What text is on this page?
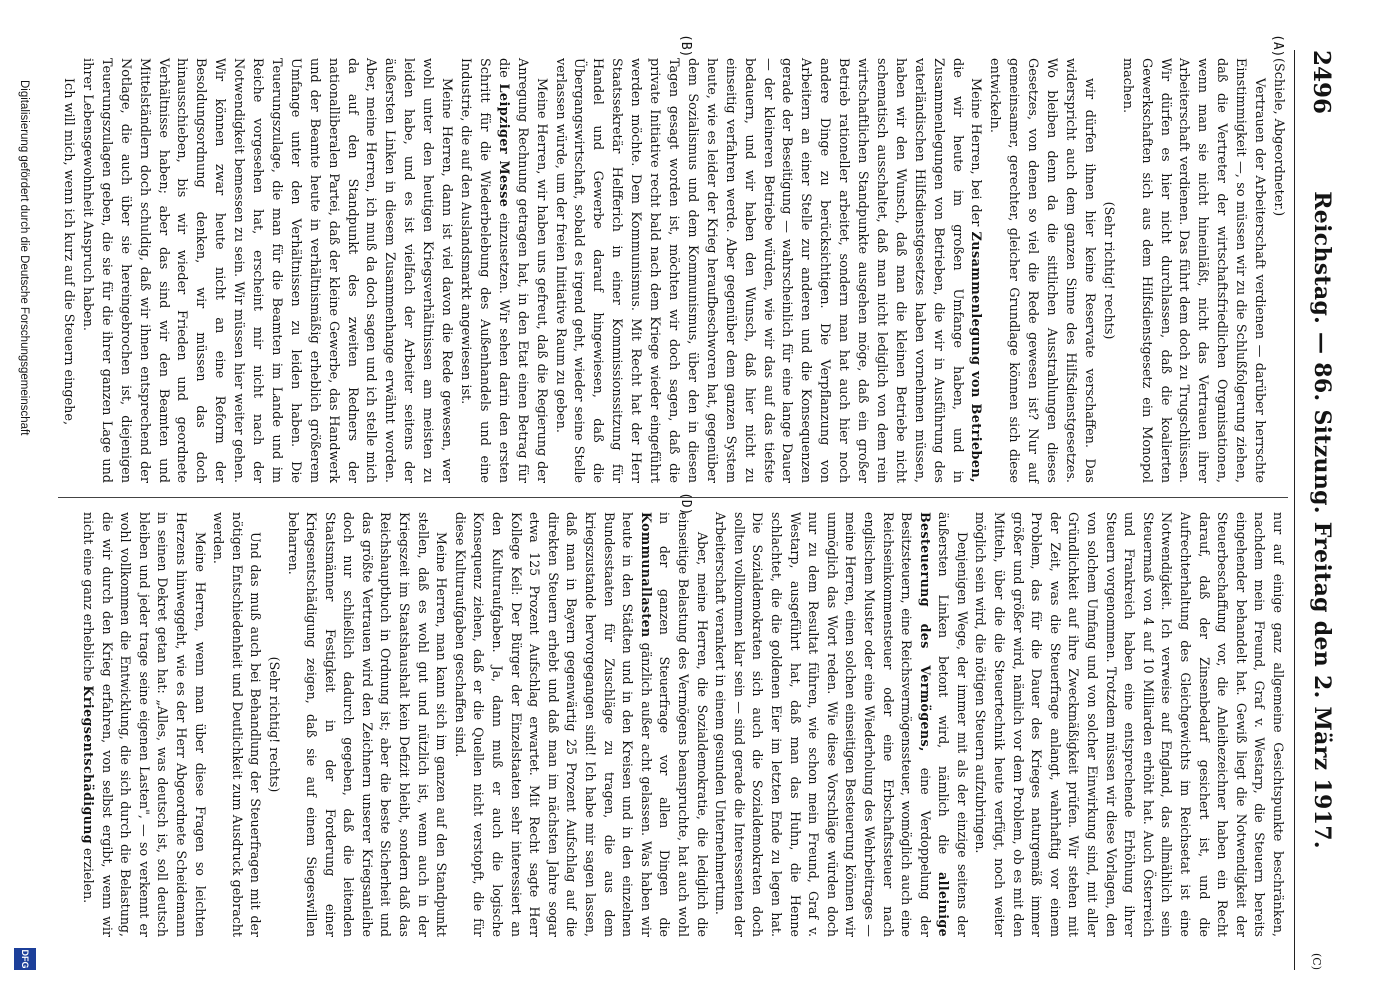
2496
Reichstag. — 86. Sitzung. Freitag den 2. März 1917.
(C)
(A)
(B)
(D)

(Schiele, Abgeordneter.)

Vertrauen der Arbeiterschaft verdienen — darüber herrschte Einstimmigkeit —, so müssen wir zu die Schlußfolgerung ziehen, daß die Vertreter der wirtschaftsfriedlichen Organisationen, wenn man sie nicht hineinläßt, nicht das Vertrauen ihrer Arbeiterschaft verdienen. Das führt dem doch zu Trugschlüssen. Wir dürfen es hier nicht durchlassen, daß die koalierten Gewerkschaften sich aus dem Hilfsdienstgesetz ein Monopol machen.

(Sehr richtig! rechts)

wir dürfen ihnen hier keine Reservate verschaffen. Das widerspricht auch dem ganzen Sinne des Hilfsdienstgesetzes. Wo bleiben denn da die sittlichen Ausstrahlungen dieses Gesetzes, von denen so viel die Rede gewesen ist? Nur auf gemeinsamer, gerechter, gleicher Grundlage können sich diese entwickeln.

Meine Herren, bei der Zusammenlegung von Betrieben, die wir heute im großen Umfange haben, und in Zusammenlegungen von Betrieben, die wir in Ausführung des vaterländischen Hilfsdienstgesetzes haben vornehmen müssen, haben wir den Wunsch, daß man die kleinen Betriebe nicht schematisch ausschaltet, daß man nicht lediglich von dem rein wirtschaftlichen Standpunkte ausgehen möge, daß ein großer Betrieb rationeller arbeitet, sondern man hat auch hier noch andere Dinge zu berücksichtigen. Die Verpflanzung von Arbeitern an einer Stelle zur anderen und die Konsequenzen gerade der Beseitigung — wahrscheinlich für eine lange Dauer — der kleineren Betriebe würden, wie wir das auf das tiefste bedauern, und wir haben den Wunsch, daß hier nicht zu einseitig verfahren werde. Aber gegenüber dem ganzen System heute, wie es leider der Krieg heraufbeschworen hat, gegenüber dem Sozialismus und dem Kommunismus, über den in diesen Tagen gesagt worden ist, möchten wir doch sagen, daß die private Initiative recht bald nach dem Kriege wieder eingeführt werden möchte. Dem Kommunismus. Mit Recht hat der Herr Staatssekretär Helfferich in einer Kommissionssitzung für Handel und Gewerbe darauf hingewiesen, daß die Übergangswirtschaft, sobald es irgend geht, wieder seine Stelle verlassen würde, um der freien Initiative Raum zu geben.

Meine Herren, wir haben uns gefreut, daß die Regierung der Anregung Rechnung getragen hat, in den Etat einen Betrag für die Leipziger Messe einzusetzen. Wir sehen darin den ersten Schritt für die Wiederbelebung des Außenhandels und eine Industrie, die auf den Auslandsmarkt angewiesen ist.

Meine Herren, dann ist viel davon die Rede gewesen, wer wohl unter den heutigen Kriegsverhältnissen am meisten zu leiden habe, und es ist vielfach der Arbeiter seitens der äußersten Linken in diesem Zusammenhange erwähnt worden. Aber, meine Herren, ich muß da doch sagen und ich stelle mich da auf den Standpunkt des zweiten Redners der nationalliberalen Partei, daß der kleine Gewerbe, das Handwerk und der Beamte heute in verhältnismäßig erheblich größerem Umfange unter den Verhältnissen zu leiden haben. Die Teuerungszulage, die man für die Beamten im Lande und im Reiche vorgesehen hat, erscheint mir nicht nach der Notwendigkeit bemessen zu sein. Wir müssen hier weiter gehen. Wir können zwar heute nicht an eine Reform der Besoldungsordnung denken, wir müssen das doch hinausschieben, bis wir wieder Frieden und geordnete Verhältnisse haben; aber das sind wir den Beamten und Mittelständlern doch schuldig, daß wir ihnen entsprechend der Notlage, die auch über sie hereingebrochen ist, diejenigen Teuerungszulagen geben, die sie für die ihrer ganzen Lage und ihrer Lebensgewohnheit Anspruch haben.

Ich will mich, wenn ich kurz auf die Steuern eingehe,

nur auf einige ganz allgemeine Gesichtspunkte beschränken, nachdem mein Freund, Graf v. Westarp, die Steuern bereits eingehender behandelt hat. Gewiß liegt die Notwendigkeit der Steuerbeschaffung vor, die Anleihezeichner haben ein Recht darauf, daß der Zinsenbedarf gesichert ist, und die Aufrechterhaltung des Gleichgewichts im Reichsetat ist eine Notwendigkeit. Ich verweise auf England, das allmählich sein Steuermaß von 4 auf 10 Milliarden erhöht hat. Auch Österreich und Frankreich haben eine entsprechende Erhöhung ihrer Steuern vorgenommen. Trotzdem müssen wir diese Vorlagen, den von solchem Umfang und von solcher Einwirkung sind, mit aller Gründlichkeit auf ihre Zweckmäßigkeit prüfen. Wir stehen mit der Zeit, was die Steuerfrage anlangt, wahrhaftig vor einem Problem, das für die Dauer des Krieges naturgemäß immer größer und größer wird, nämlich vor dem Problem, ob es mit den Mitteln, über die die Steuertechnik heute verfügt, noch weiter möglich sein wird, die nötigen Steuern aufzubringen.

Denjenigen Wege, der immer mit als der einzige seitens der äußersten Linken betont wird, nämlich die alleinige Besteuerung des Vermögens, eine Verdoppelung der Besitzsteuern, eine Reichsvermögenssteuer, womöglich auch eine Reichseinkommensteuer oder eine Erbschaftssteuer nach englischem Muster oder eine Wiederholung des Wehrbeitrages — meine Herren, einen solchen einseitigen Besteuerung können wir unmöglich das Wort reden. Wie diese Vorschläge würden doch nur zu dem Resultat führen, wie schon mein Freund, Graf v. Westarp, ausgeführt hat, daß man das Huhn, die Henne schlachtet, die die goldenen Eier im letzten Ende zu legen hat. Die Sozialdemokraten sich auch die Sozialdemokraten doch sollten vollkommen klar sein — sind gerade die Interessenten der Arbeiterschaft verankert in einem gesunden Unternehmertum.

Aber, meine Herren, die Sozialdemokratie, die lediglich die einseitige Belastung des Vermögens beanspruchte, hat auch wohl in der ganzen Steuerfrage vor allen Dingen die Kommunallasten gänzlich außer acht gelassen. Was haben wir heute in den Städten und in den Kreisen und in den einzelnen Bundesstaaten für Zuschläge zu tragen, die aus dem kriegszustande hervorgegangen sind! Ich habe mir sagen lassen, daß man in Bayern gegenwärtig 25 Prozent Aufschlag auf die direkten Steuern erhebt und daß man im nächsten Jahre sogar etwa 125 Prozent Aufschlag erwartet. Mit Recht sagte Herr Kollege Keil: Der Bürger der Einzelstaaten sehr interessiert an den Kulturaufgaben. Ja, dann muß er auch die logische Konsequenz ziehen, daß er die Quellen nicht verstopft, die für diese Kulturaufgaben geschaffen sind.

Meine Herren, man kann sich im ganzen auf den Standpunkt stellen, daß es wohl gut und nützlich ist, wenn auch in der Kriegszeit im Staatshaushalt kein Defizit bleibt, sondern daß das Reichshauptbuch in Ordnung ist; aber die beste Sicherheit und das größte Vertrauen wird den Zeichnern unserer Kriegsanleihe doch nur schließlich dadurch gegeben, daß die leitenden Staatsmänner Festigkeit in der Forderung einer Kriegsentschädigung zeigen, daß sie auf einem Siegeswillen beharren.

(Sehr richtig! rechts)

Und das muß auch bei Behandlung der Steuerfragen mit der nötigen Entschiedenheit und Deutlichkeit zum Ausdruck gebracht werden.

Meine Herren, wenn man über diese Fragen so leichten Herzens hinweggeht, wie es der Herr Abgeordnete Scheidemann in seinen Dekret getan hat: „Alles, was deutsch ist, soll deutsch bleiben und jeder trage seine eigenen Lasten", — so verkennt er wohl vollkommen die Entwicklung, die sich durch die Belastung, die wir durch den Krieg erfahren, von selbst ergibt, wenn wir nicht eine ganz erhebliche Kriegsentschädigung erzielen.

Digitalisierung gefördert durch die Deutsche Forschungsgemeinschaft
DFG
